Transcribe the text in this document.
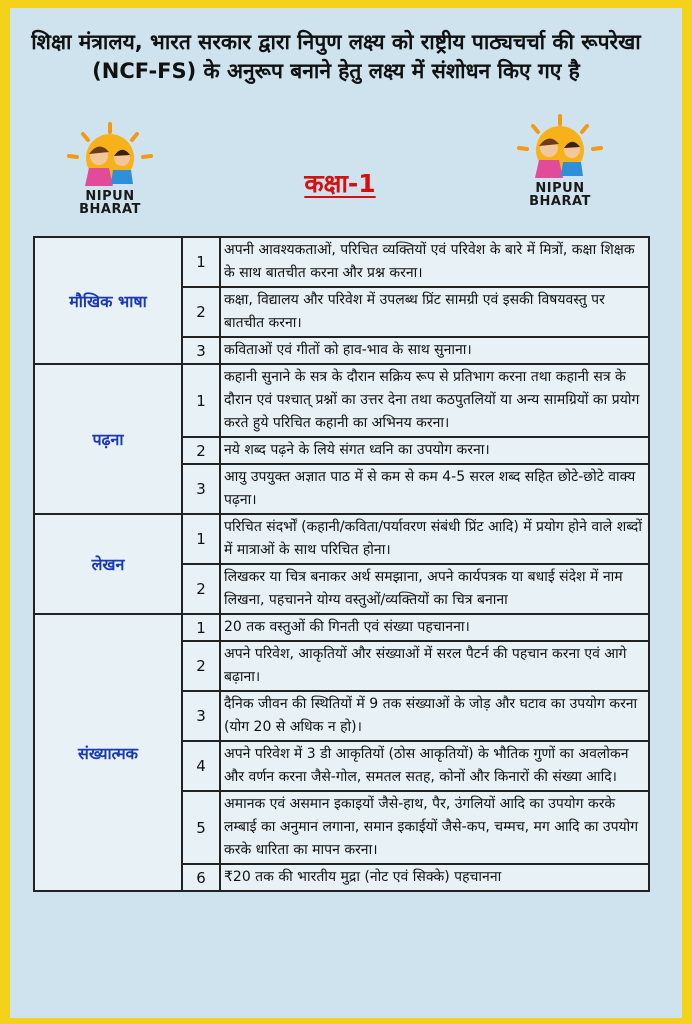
शिक्षा मंत्रालय, भारत सरकार द्वारा निपुण लक्ष्य को राष्ट्रीय पाठ्यचर्चा की रूपरेखा (NCF-FS) के अनुरूप बनाने हेतु लक्ष्य में संशोधन किए गए है
NIPUN
BHARAT
NIPUN
BHARAT
कक्षा-1
मौखिक भाषा	1	अपनी आवश्यकताओं, परिचित व्यक्तियों एवं परिवेश के बारे में मित्रों, कक्षा शिक्षक के साथ बातचीत करना और प्रश्न करना।
	2	कक्षा, विद्यालय और परिवेश में उपलब्ध प्रिंट सामग्री एवं इसकी विषयवस्तु पर बातचीत करना।
	3	कविताओं एवं गीतों को हाव-भाव के साथ सुनाना।
पढ़ना	1	कहानी सुनाने के सत्र के दौरान सक्रिय रूप से प्रतिभाग करना तथा कहानी सत्र के दौरान एवं पश्चात् प्रश्नों का उत्तर देना तथा कठपुतलियों या अन्य सामग्रियों का प्रयोग करते हुये परिचित कहानी का अभिनय करना।
	2	नये शब्द पढ़ने के लिये संगत ध्वनि का उपयोग करना।
	3	आयु उपयुक्त अज्ञात पाठ में से कम से कम 4-5 सरल शब्द सहित छोटे-छोटे वाक्य पढ़ना।
लेखन	1	परिचित संदर्भों (कहानी/कविता/पर्यावरण संबंधी प्रिंट आदि) में प्रयोग होने वाले शब्दों में मात्राओं के साथ परिचित होना।
	2	लिखकर या चित्र बनाकर अर्थ समझाना, अपने कार्यपत्रक या बधाई संदेश में नाम लिखना, पहचानने योग्य वस्तुओं/व्यक्तियों का चित्र बनाना
संख्यात्मक	1	20 तक वस्तुओं की गिनती एवं संख्या पहचानना।
	2	अपने परिवेश, आकृतियों और संख्याओं में सरल पैटर्न की पहचान करना एवं आगे बढ़ाना।
	3	दैनिक जीवन की स्थितियों में 9 तक संख्याओं के जोड़ और घटाव का उपयोग करना (योग 20 से अधिक न हो)।
	4	अपने परिवेश में 3 डी आकृतियों (ठोस आकृतियों) के भौतिक गुणों का अवलोकन और वर्णन करना जैसे-गोल, समतल सतह, कोनों और किनारों की संख्या आदि।
	5	अमानक एवं असमान इकाइयों जैसे-हाथ, पैर, उंगलियों आदि का उपयोग करके लम्बाई का अनुमान लगाना, समान इकाईयों जैसे-कप, चम्मच, मग आदि का उपयोग करके धारिता का मापन करना।
	6	₹20 तक की भारतीय मुद्रा (नोट एवं सिक्के) पहचानना
